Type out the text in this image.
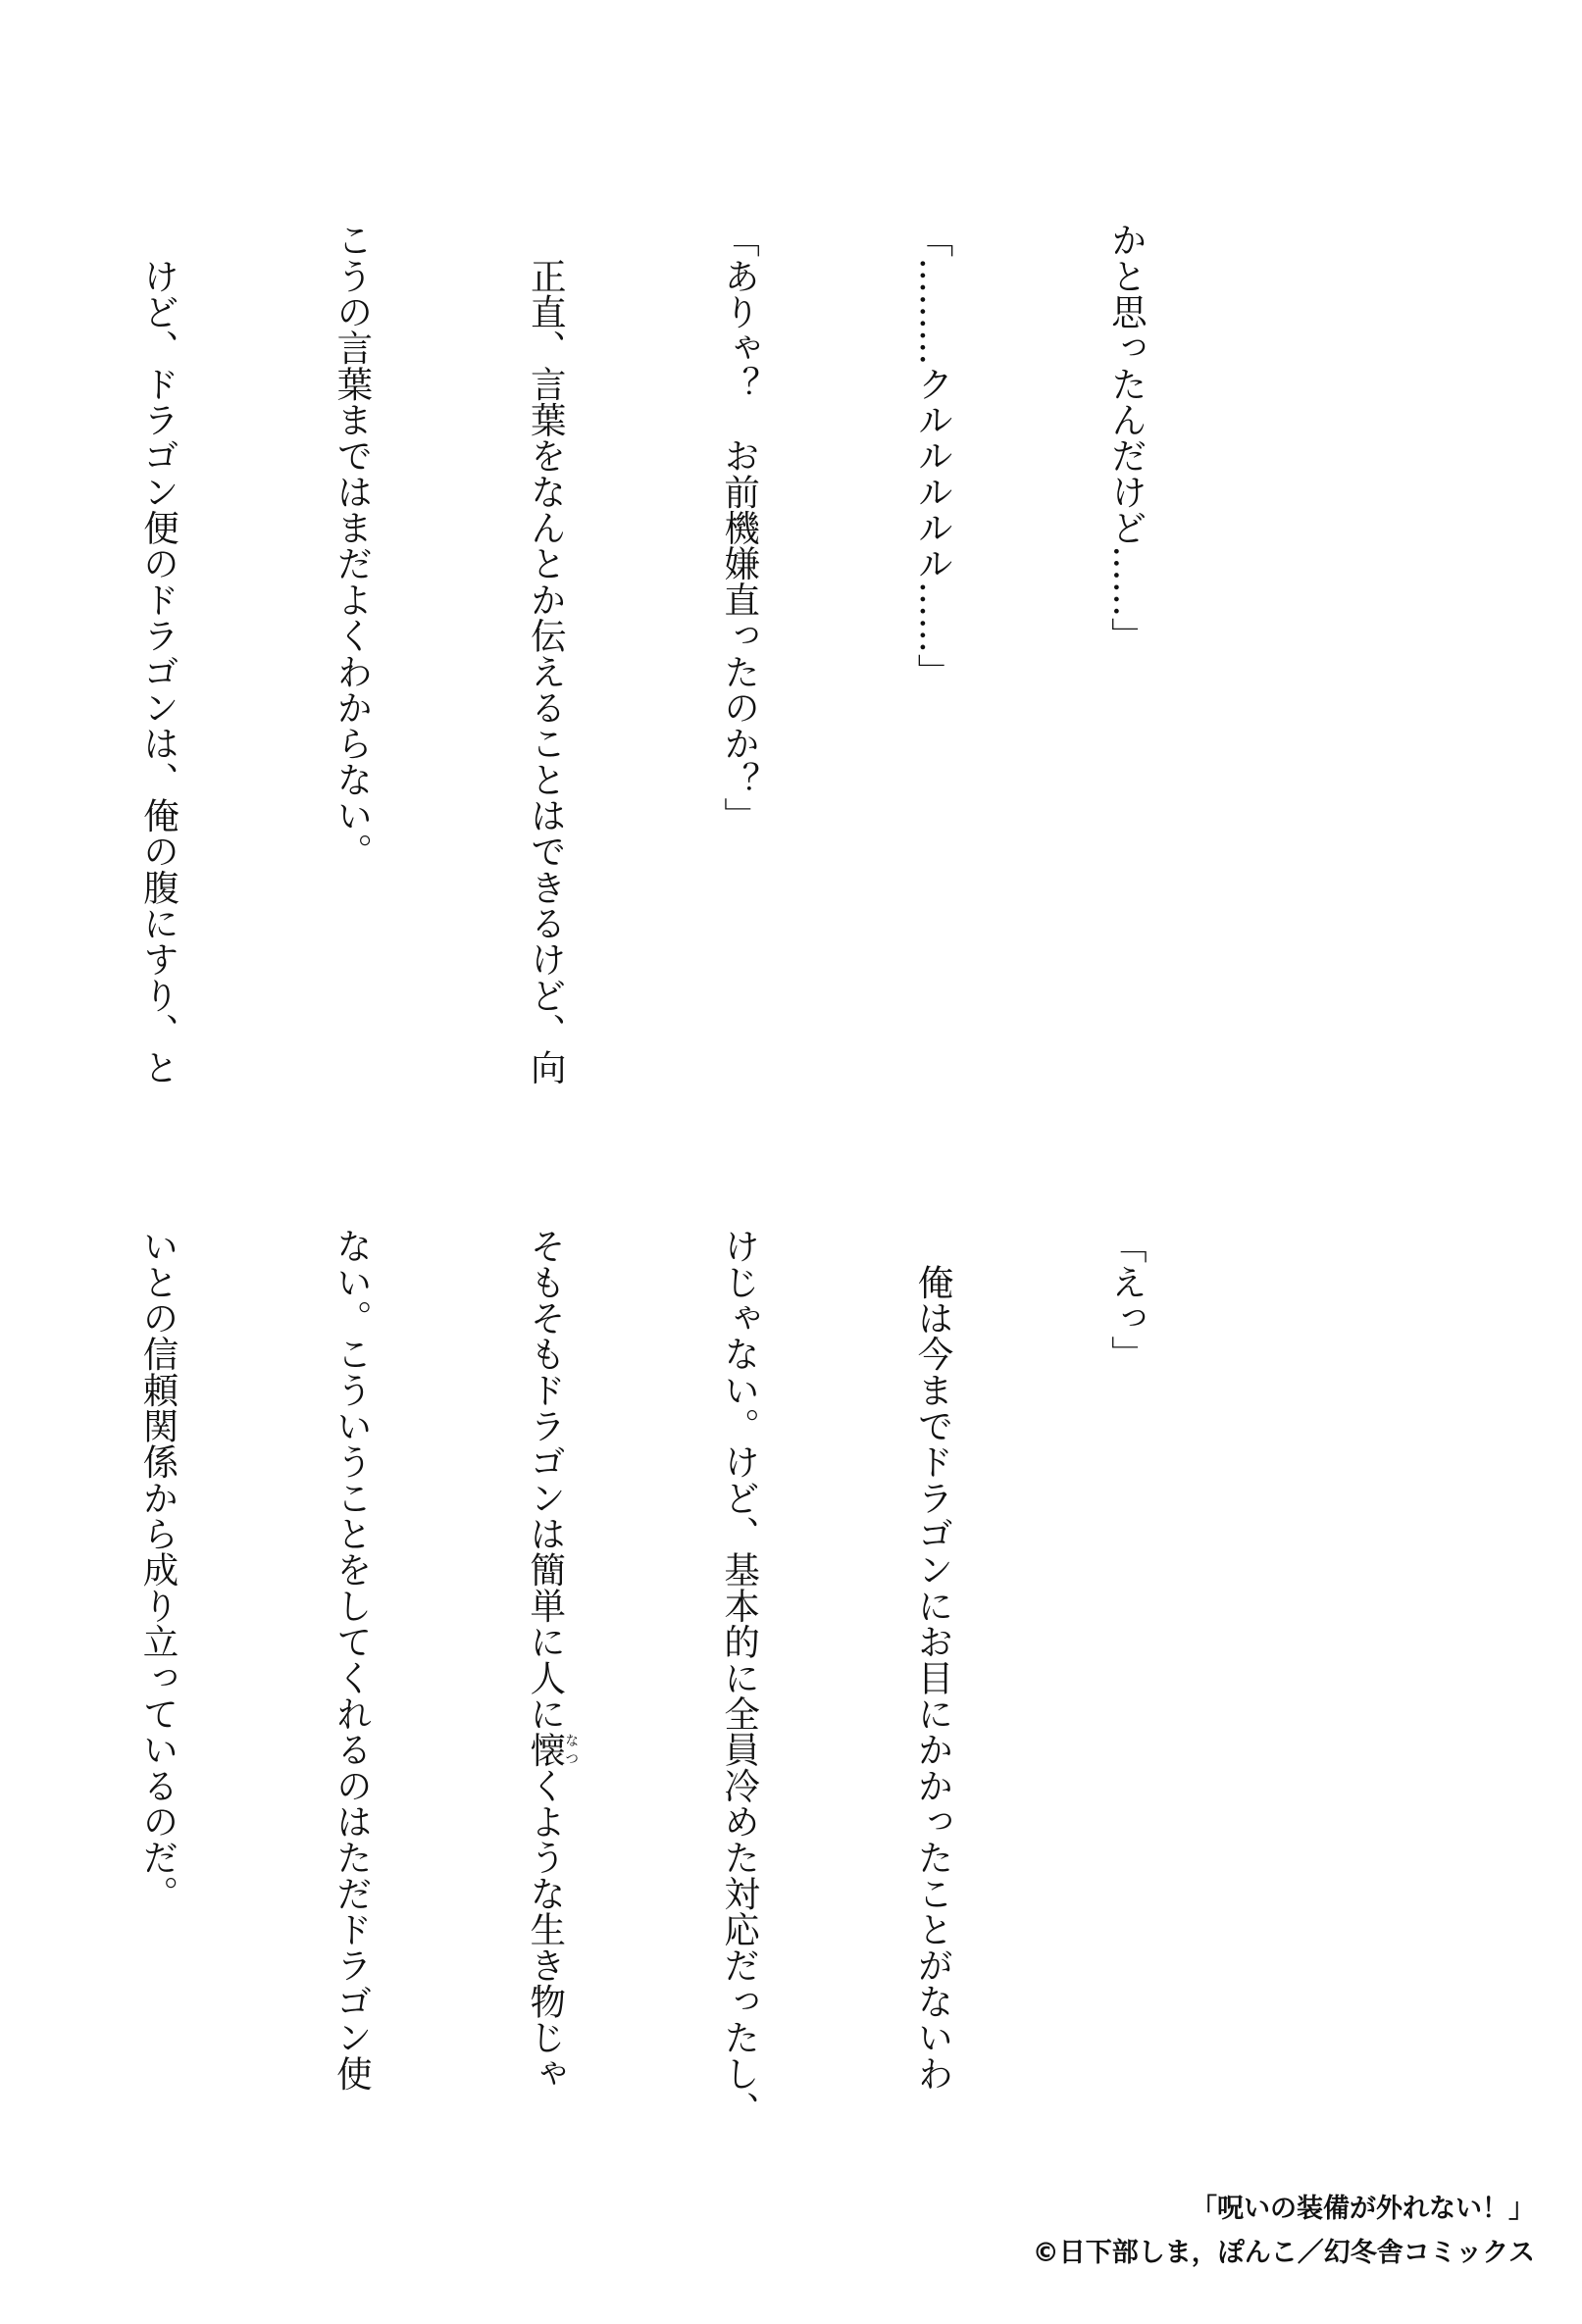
かと思ったんだけど……」

「………クルルルルル……」

「ありゃ？　お前機嫌直ったのか？」

　正直、言葉をなんとか伝えることはできるけど、向

こうの言葉まではまだよくわからない。

　けど、ドラゴン便のドラゴンは、俺の腹にすり、と

「えっ」

　俺は今までドラゴンにお目にかかったことがないわ

けじゃない。けど、基本的に全員冷めた対応だったし、

そもそもドラゴンは簡単に人に懐なつくような生き物じゃ

ない。こういうことをしてくれるのはただドラゴン使

いとの信頼関係から成り立っているのだ。

「呪いの装備が外れない！」
©日下部しま，ぽんこ／幻冬舎コミックス
